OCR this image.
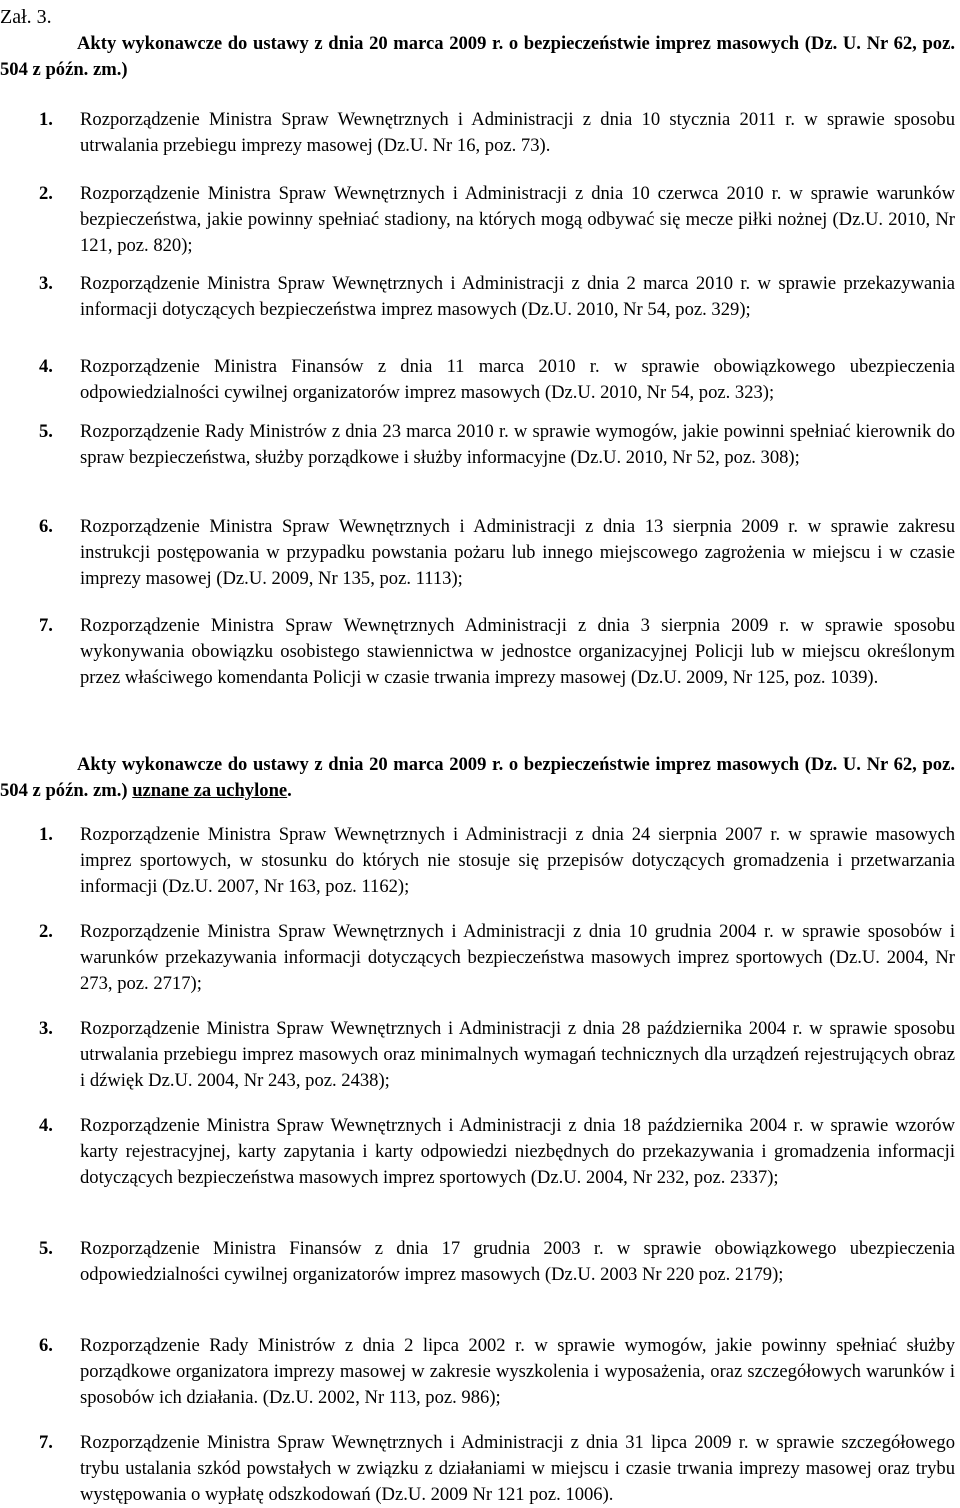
Zał. 3.

Akty wykonawcze do ustawy z dnia 20 marca 2009 r. o bezpieczeństwie imprez masowych (Dz. U. Nr 62, poz. 504 z późn. zm.)

1. Rozporządzenie Ministra Spraw Wewnętrznych i Administracji z dnia 10 stycznia 2011 r. w sprawie sposobu utrwalania przebiegu imprezy masowej (Dz.U. Nr 16, poz. 73).

2. Rozporządzenie Ministra Spraw Wewnętrznych i Administracji z dnia 10 czerwca 2010 r. w sprawie warunków bezpieczeństwa, jakie powinny spełniać stadiony, na których mogą odbywać się mecze piłki nożnej (Dz.U. 2010, Nr 121, poz. 820);

3. Rozporządzenie Ministra Spraw Wewnętrznych i Administracji z dnia 2 marca 2010 r. w sprawie przekazywania informacji dotyczących bezpieczeństwa imprez masowych (Dz.U. 2010, Nr 54, poz. 329);

4. Rozporządzenie Ministra Finansów z dnia 11 marca 2010 r. w sprawie obowiązkowego ubezpieczenia odpowiedzialności cywilnej organizatorów imprez masowych (Dz.U. 2010, Nr 54, poz. 323);

5. Rozporządzenie Rady Ministrów z dnia 23 marca 2010 r. w sprawie wymogów, jakie powinni spełniać kierownik do spraw bezpieczeństwa, służby porządkowe i służby informacyjne (Dz.U. 2010, Nr 52, poz. 308);

6. Rozporządzenie Ministra Spraw Wewnętrznych i Administracji z dnia 13 sierpnia 2009 r. w sprawie zakresu instrukcji postępowania w przypadku powstania pożaru lub innego miejscowego zagrożenia w miejscu i w czasie imprezy masowej (Dz.U. 2009, Nr 135, poz. 1113);

7. Rozporządzenie Ministra Spraw Wewnętrznych Administracji z dnia 3 sierpnia 2009 r. w sprawie sposobu wykonywania obowiązku osobistego stawiennictwa w jednostce organizacyjnej Policji lub w miejscu określonym przez właściwego komendanta Policji w czasie trwania imprezy masowej (Dz.U. 2009, Nr 125, poz. 1039).

Akty wykonawcze do ustawy z dnia 20 marca 2009 r. o bezpieczeństwie imprez masowych (Dz. U. Nr 62, poz. 504 z późn. zm.) uznane za uchylone.

1. Rozporządzenie Ministra Spraw Wewnętrznych i Administracji z dnia 24 sierpnia 2007 r. w sprawie masowych imprez sportowych, w stosunku do których nie stosuje się przepisów dotyczących gromadzenia i przetwarzania informacji (Dz.U. 2007, Nr 163, poz. 1162);

2. Rozporządzenie Ministra Spraw Wewnętrznych i Administracji z dnia 10 grudnia 2004 r. w sprawie sposobów i warunków przekazywania informacji dotyczących bezpieczeństwa masowych imprez sportowych (Dz.U. 2004, Nr 273, poz. 2717);

3. Rozporządzenie Ministra Spraw Wewnętrznych i Administracji z dnia 28 października 2004 r. w sprawie sposobu utrwalania przebiegu imprez masowych oraz minimalnych wymagań technicznych dla urządzeń rejestrujących obraz i dźwięk Dz.U. 2004, Nr 243, poz. 2438);

4. Rozporządzenie Ministra Spraw Wewnętrznych i Administracji z dnia 18 października 2004 r. w sprawie wzorów karty rejestracyjnej, karty zapytania i karty odpowiedzi niezbędnych do przekazywania i gromadzenia informacji dotyczących bezpieczeństwa masowych imprez sportowych (Dz.U. 2004, Nr 232, poz. 2337);

5. Rozporządzenie Ministra Finansów z dnia 17 grudnia 2003 r. w sprawie obowiązkowego ubezpieczenia odpowiedzialności cywilnej organizatorów imprez masowych (Dz.U. 2003 Nr 220 poz. 2179);

6. Rozporządzenie Rady Ministrów z dnia 2 lipca 2002 r. w sprawie wymogów, jakie powinny spełniać służby porządkowe organizatora imprezy masowej w zakresie wyszkolenia i wyposażenia, oraz szczegółowych warunków i sposobów ich działania. (Dz.U. 2002, Nr 113, poz. 986);

7. Rozporządzenie Ministra Spraw Wewnętrznych i Administracji z dnia 31 lipca 2009 r. w sprawie szczegółowego trybu ustalania szkód powstałych w związku z działaniami w miejscu i czasie trwania imprezy masowej oraz trybu występowania o wypłatę odszkodowań (Dz.U. 2009 Nr 121 poz. 1006).
